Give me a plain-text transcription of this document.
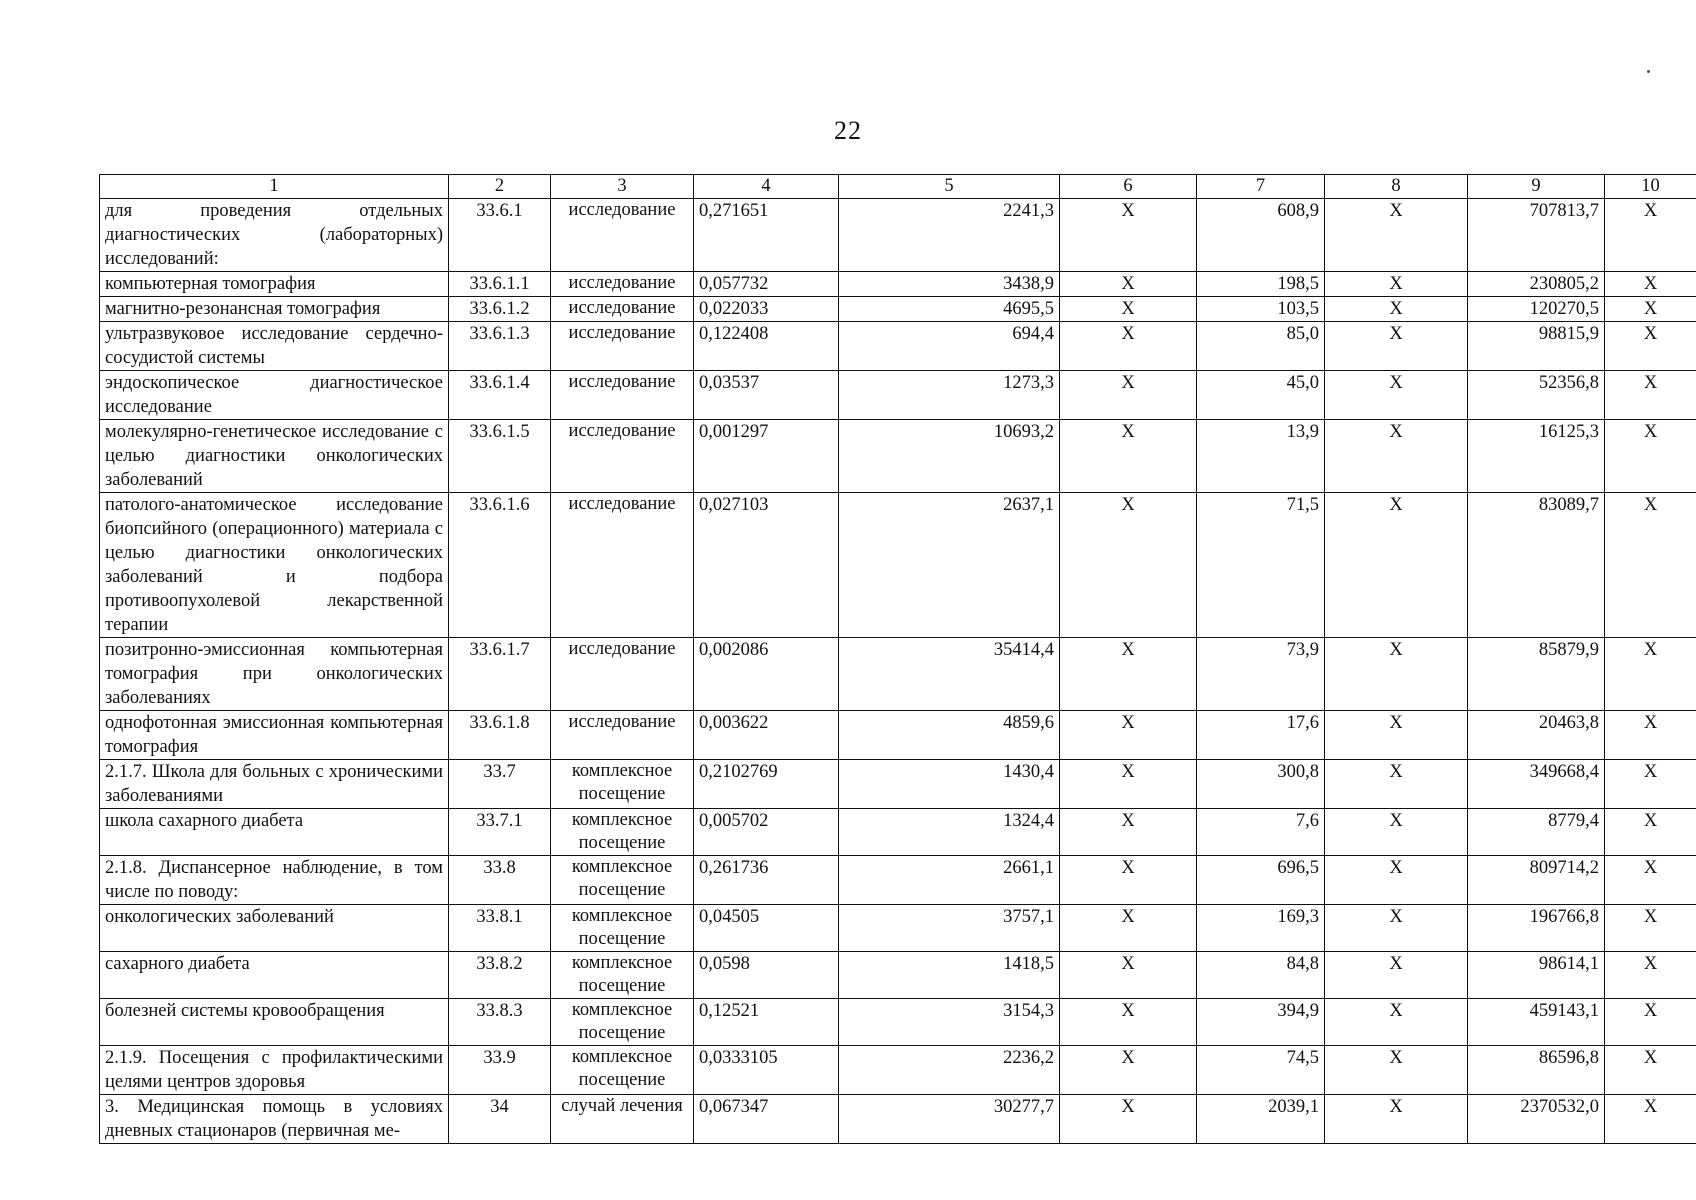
22
1	2	3	4	5	6	7	8	9	10
для проведения отдельных диагностических (лабораторных) исследований:	33.6.1	исследование	0,271651	2241,3	X	608,9	X	707813,7	X
компьютерная томография	33.6.1.1	исследование	0,057732	3438,9	X	198,5	X	230805,2	X
магнитно-резонансная томография	33.6.1.2	исследование	0,022033	4695,5	X	103,5	X	120270,5	X
ультразвуковое исследование сердечно-сосудистой системы	33.6.1.3	исследование	0,122408	694,4	X	85,0	X	98815,9	X
эндоскопическое диагностическое исследование	33.6.1.4	исследование	0,03537	1273,3	X	45,0	X	52356,8	X
молекулярно-генетическое исследование с целью диагностики онкологических заболеваний	33.6.1.5	исследование	0,001297	10693,2	X	13,9	X	16125,3	X
патолого-анатомическое исследование биопсийного (операционного) материала с целью диагностики онкологических заболеваний и подбора противоопухолевой лекарственной терапии	33.6.1.6	исследование	0,027103	2637,1	X	71,5	X	83089,7	X
позитронно-эмиссионная компьютерная томография при онкологических заболеваниях	33.6.1.7	исследование	0,002086	35414,4	X	73,9	X	85879,9	X
однофотонная эмиссионная компьютерная томография	33.6.1.8	исследование	0,003622	4859,6	X	17,6	X	20463,8	X
2.1.7. Школа для больных с хроническими заболеваниями	33.7	комплексное посещение	0,2102769	1430,4	X	300,8	X	349668,4	X
школа сахарного диабета	33.7.1	комплексное посещение	0,005702	1324,4	X	7,6	X	8779,4	X
2.1.8. Диспансерное наблюдение, в том числе по поводу:	33.8	комплексное посещение	0,261736	2661,1	X	696,5	X	809714,2	X
онкологических заболеваний	33.8.1	комплексное посещение	0,04505	3757,1	X	169,3	X	196766,8	X
сахарного диабета	33.8.2	комплексное посещение	0,0598	1418,5	X	84,8	X	98614,1	X
болезней системы кровообращения	33.8.3	комплексное посещение	0,12521	3154,3	X	394,9	X	459143,1	X
2.1.9. Посещения с профилактическими целями центров здоровья	33.9	комплексное посещение	0,0333105	2236,2	X	74,5	X	86596,8	X
3. Медицинская помощь в условиях дневных стационаров (первичная ме-	34	случай лечения	0,067347	30277,7	X	2039,1	X	2370532,0	X
